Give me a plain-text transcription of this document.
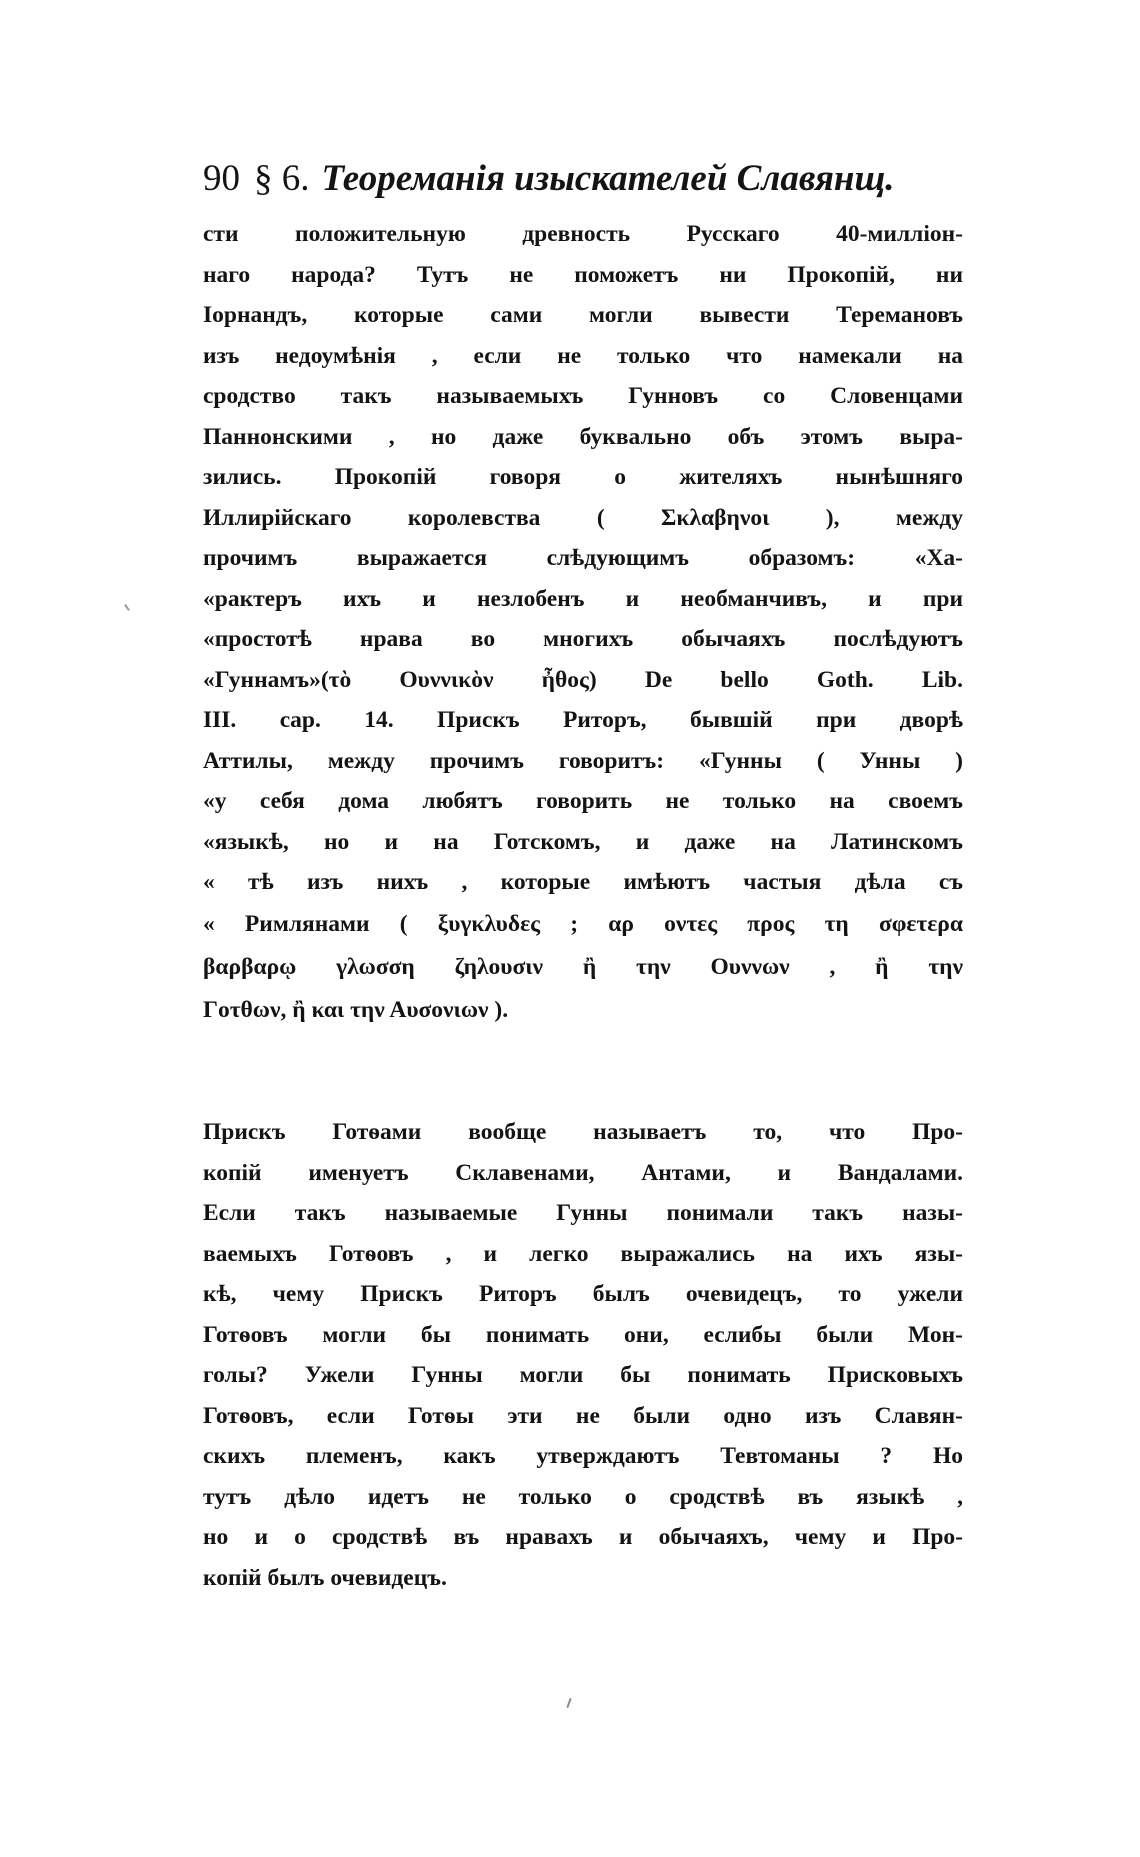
90 § 6. Теореманія изыскателей Славянщ.
сти положительную древность Русскаго 40-милліон-
наго народа? Тутъ не поможетъ ни Прокопій, ни
Іорнандъ, которые сами могли вывести Теремановъ
изъ недоумѣнія , если не только что намекали на
сродство такъ называемыхъ Гунновъ со Словенцами
Паннонскими , но даже буквально объ этомъ выра-
зились. Прокопій говоря о жителяхъ нынѣшняго
Иллирійскаго королевства ( Σκλαβηνοι ), между
прочимъ выражается слѣдующимъ образомъ: «Ха-
«рактеръ ихъ и незлобенъ и необманчивъ, и при
«простотѣ нрава во многихъ обычаяхъ послѣдуютъ
«Гуннамъ»(τὸ Ουννικὸν ἦθος) De bello Goth. Lib.
III. cap. 14. Прискъ Риторъ, бывшій при дворѣ
Аттилы, между прочимъ говоритъ: «Гунны ( Унны )
«у себя дома любятъ говорить не только на своемъ
«языкѣ, но и на Готскомъ, и даже на Латинскомъ
« тѣ изъ нихъ , которые имѣютъ частыя дѣла съ
« Римлянами ( ξυγκλυδες ; αρ οντες προς τη σφετερα
βαρβαρῳ γλωσση ζηλουσιν ἢ την Ουννων , ἢ την
Γοτθων, ἢ και την Αυσονιων ).
Прискъ Готѳами вообще называетъ то, что Про-
копій именуетъ Склавенами, Антами, и Вандалами.
Если такъ называемые Гунны понимали такъ назы-
ваемыхъ Готѳовъ , и легко выражались на ихъ язы-
кѣ, чему Прискъ Риторъ былъ очевидецъ, то ужели
Готѳовъ могли бы понимать они, еслибы были Мон-
голы? Ужели Гунны могли бы понимать Присковыхъ
Готѳовъ, если Готѳы эти не были одно изъ Славян-
скихъ племенъ, какъ утверждаютъ Тевтоманы ? Но
тутъ дѣло идетъ не только о сродствѣ въ языкѣ ,
но и о сродствѣ въ нравахъ и обычаяхъ, чему и Про-
копій былъ очевидецъ.
